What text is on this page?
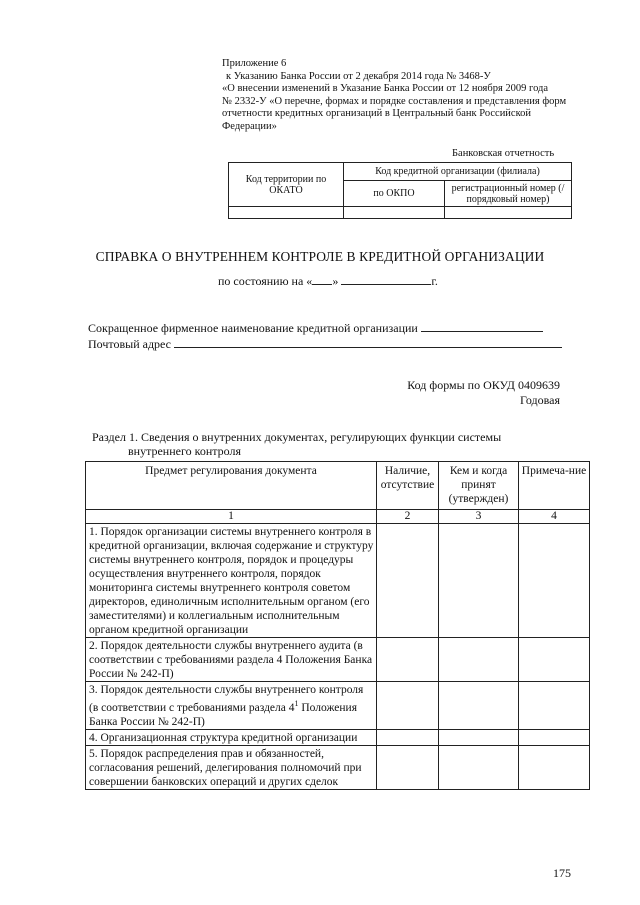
Приложение 6
к Указанию Банка России от 2 декабря 2014 года № 3468-У
«О внесении изменений в Указание Банка России от 12 ноября 2009 года
№ 2332-У «О перечне, формах и порядке составления и представления форм
отчетности кредитных организаций в Центральный банк Российской
Федерации»
Банковская отчетность
Код территории по ОКАТО	Код кредитной организации (филиала)	
	по ОКПО	регистрационный номер (/порядковый номер)

СПРАВКА О ВНУТРЕННЕМ КОНТРОЛЕ В КРЕДИТНОЙ ОРГАНИЗАЦИИ
по состоянию на « »	г.
Сокращенное фирменное наименование кредитной организации
Почтовый адрес
Код формы по ОКУД 0409639
Годовая
Раздел 1. Сведения о внутренних документах, регулирующих функции системы
внутреннего контроля
Предмет регулирования документа	Наличие, отсутствие	Кем и когда принят (утвержден)	Примеча-ние
1	2	3	4
1. Порядок организации системы внутреннего контроля в кредитной организации, включая содержание и структуру системы внутреннего контроля, порядок и процедуры осуществления внутреннего контроля, порядок мониторинга системы внутреннего контроля советом директоров, единоличным исполнительным органом (его заместителями) и коллегиальным исполнительным органом кредитной организации			
2. Порядок деятельности службы внутреннего аудита (в соответствии с требованиями раздела 4 Положения Банка России № 242-П)			
3. Порядок деятельности службы внутреннего контроля (в соответствии с требованиями раздела $4^1$ Положения Банка России № 242-П)			
4. Организационная структура кредитной организации			
5. Порядок распределения прав и обязанностей, согласования решений, делегирования полномочий при совершении банковских операций и других сделок			
175
